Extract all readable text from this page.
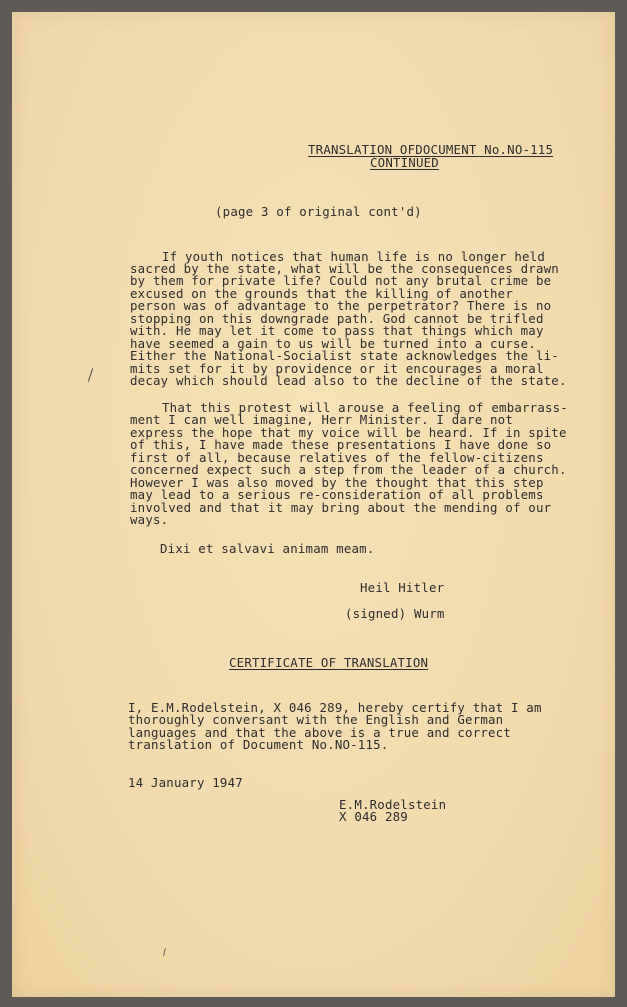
TRANSLATION OFDOCUMENT No.NO-115
CONTINUED
(page 3 of original cont'd)
If youth notices that human life is no longer held
sacred by the state, what will be the consequences drawn
by them for private life? Could not any brutal crime be
excused on the grounds that the killing of another
person was of advantage to the perpetrator? There is no
stopping on this downgrade path. God cannot be trifled
with. He may let it come to pass that things which may
have seemed a gain to us will be turned into a curse.
Either the National-Socialist state acknowledges the li-
mits set for it by providence or it encourages a moral
decay which should lead also to the decline of the state.
That this protest will arouse a feeling of embarrass-
ment I can well imagine, Herr Minister. I dare not
express the hope that my voice will be heard. If in spite
of this, I have made these presentations I have done so
first of all, because relatives of the fellow-citizens
concerned expect such a step from the leader of a church.
However I was also moved by the thought that this step
may lead to a serious re-consideration of all problems
involved and that it may bring about the mending of our
ways.
Dixi et salvavi animam meam.
Heil Hitler
(signed) Wurm
CERTIFICATE OF TRANSLATION
I, E.M.Rodelstein, X 046 289, hereby certify that I am
thoroughly conversant with the English and German
languages and that the above is a true and correct
translation of Document No.NO-115.
14 January 1947
E.M.Rodelstein
X 046 289
